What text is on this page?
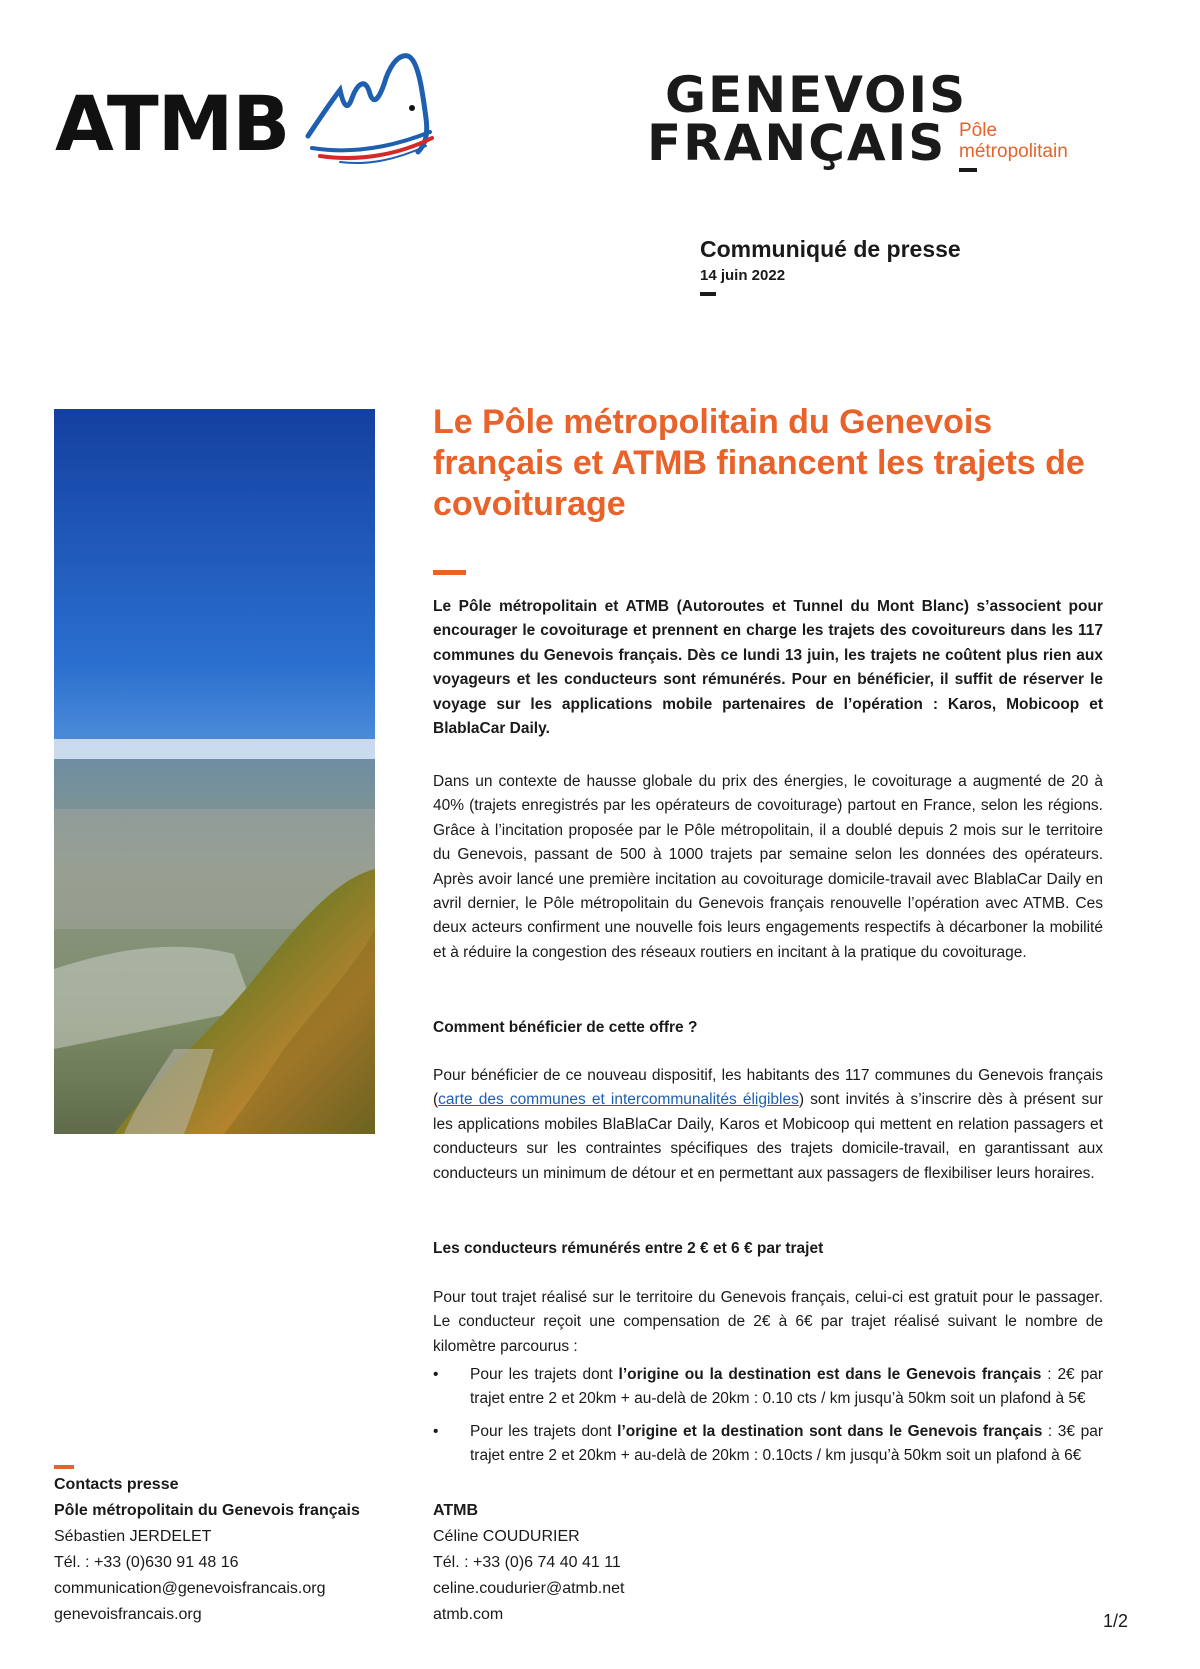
ATMB	GENEVOIS
FRANÇAIS Pôle métropolitain
Communiqué de presse
14 juin 2022
Le Pôle métropolitain du Genevois français et ATMB financent les trajets de covoiturage
Le Pôle métropolitain et ATMB (Autoroutes et Tunnel du Mont Blanc) s’associent pour encourager le covoiturage et prennent en charge les trajets des covoitureurs dans les 117 communes du Genevois français. Dès ce lundi 13 juin, les trajets ne coûtent plus rien aux voyageurs et les conducteurs sont rémunérés. Pour en bénéficier, il suffit de réserver le voyage sur les applications mobile partenaires de l’opération : Karos, Mobicoop et BlablaCar Daily.
Dans un contexte de hausse globale du prix des énergies, le covoiturage a augmenté de 20 à 40% (trajets enregistrés par les opérateurs de covoiturage) partout en France, selon les régions. Grâce à l’incitation proposée par le Pôle métropolitain, il a doublé depuis 2 mois sur le territoire du Genevois, passant de 500 à 1000 trajets par semaine selon les données des opérateurs. Après avoir lancé une première incitation au covoiturage domicile-travail avec BlablaCar Daily en avril dernier, le Pôle métropolitain du Genevois français renouvelle l’opération avec ATMB. Ces deux acteurs confirment une nouvelle fois leurs engagements respectifs à décarboner la mobilité et à réduire la congestion des réseaux routiers en incitant à la pratique du covoiturage.
Comment bénéficier de cette offre ?
Pour bénéficier de ce nouveau dispositif, les habitants des 117 communes du Genevois français (carte des communes et intercommunalités éligibles) sont invités à s’inscrire dès à présent sur les applications mobiles BlaBlaCar Daily, Karos et Mobicoop qui mettent en relation passagers et conducteurs sur les contraintes spécifiques des trajets domicile-travail, en garantissant aux conducteurs un minimum de détour et en permettant aux passagers de flexibiliser leurs horaires.
Les conducteurs rémunérés entre 2 € et 6 € par trajet
Pour tout trajet réalisé sur le territoire du Genevois français, celui-ci est gratuit pour le passager. Le conducteur reçoit une compensation de 2€ à 6€ par trajet réalisé suivant le nombre de kilomètre parcourus :
• Pour les trajets dont l’origine ou la destination est dans le Genevois français : 2€ par trajet entre 2 et 20km + au-delà de 20km : 0.10 cts / km jusqu’à 50km soit un plafond à 5€
• Pour les trajets dont l’origine et la destination sont dans le Genevois français : 3€ par trajet entre 2 et 20km + au-delà de 20km : 0.10cts / km jusqu’à 50km soit un plafond à 6€
Contacts presse
Pôle métropolitain du Genevois français
Sébastien JERDELET
Tél. : +33 (0)630 91 48 16
communication@genevoisfrancais.org
genevoisfrancais.org
ATMB
Céline COUDURIER
Tél. : +33 (0)6 74 40 41 11
celine.coudurier@atmb.net
atmb.com	1/2
